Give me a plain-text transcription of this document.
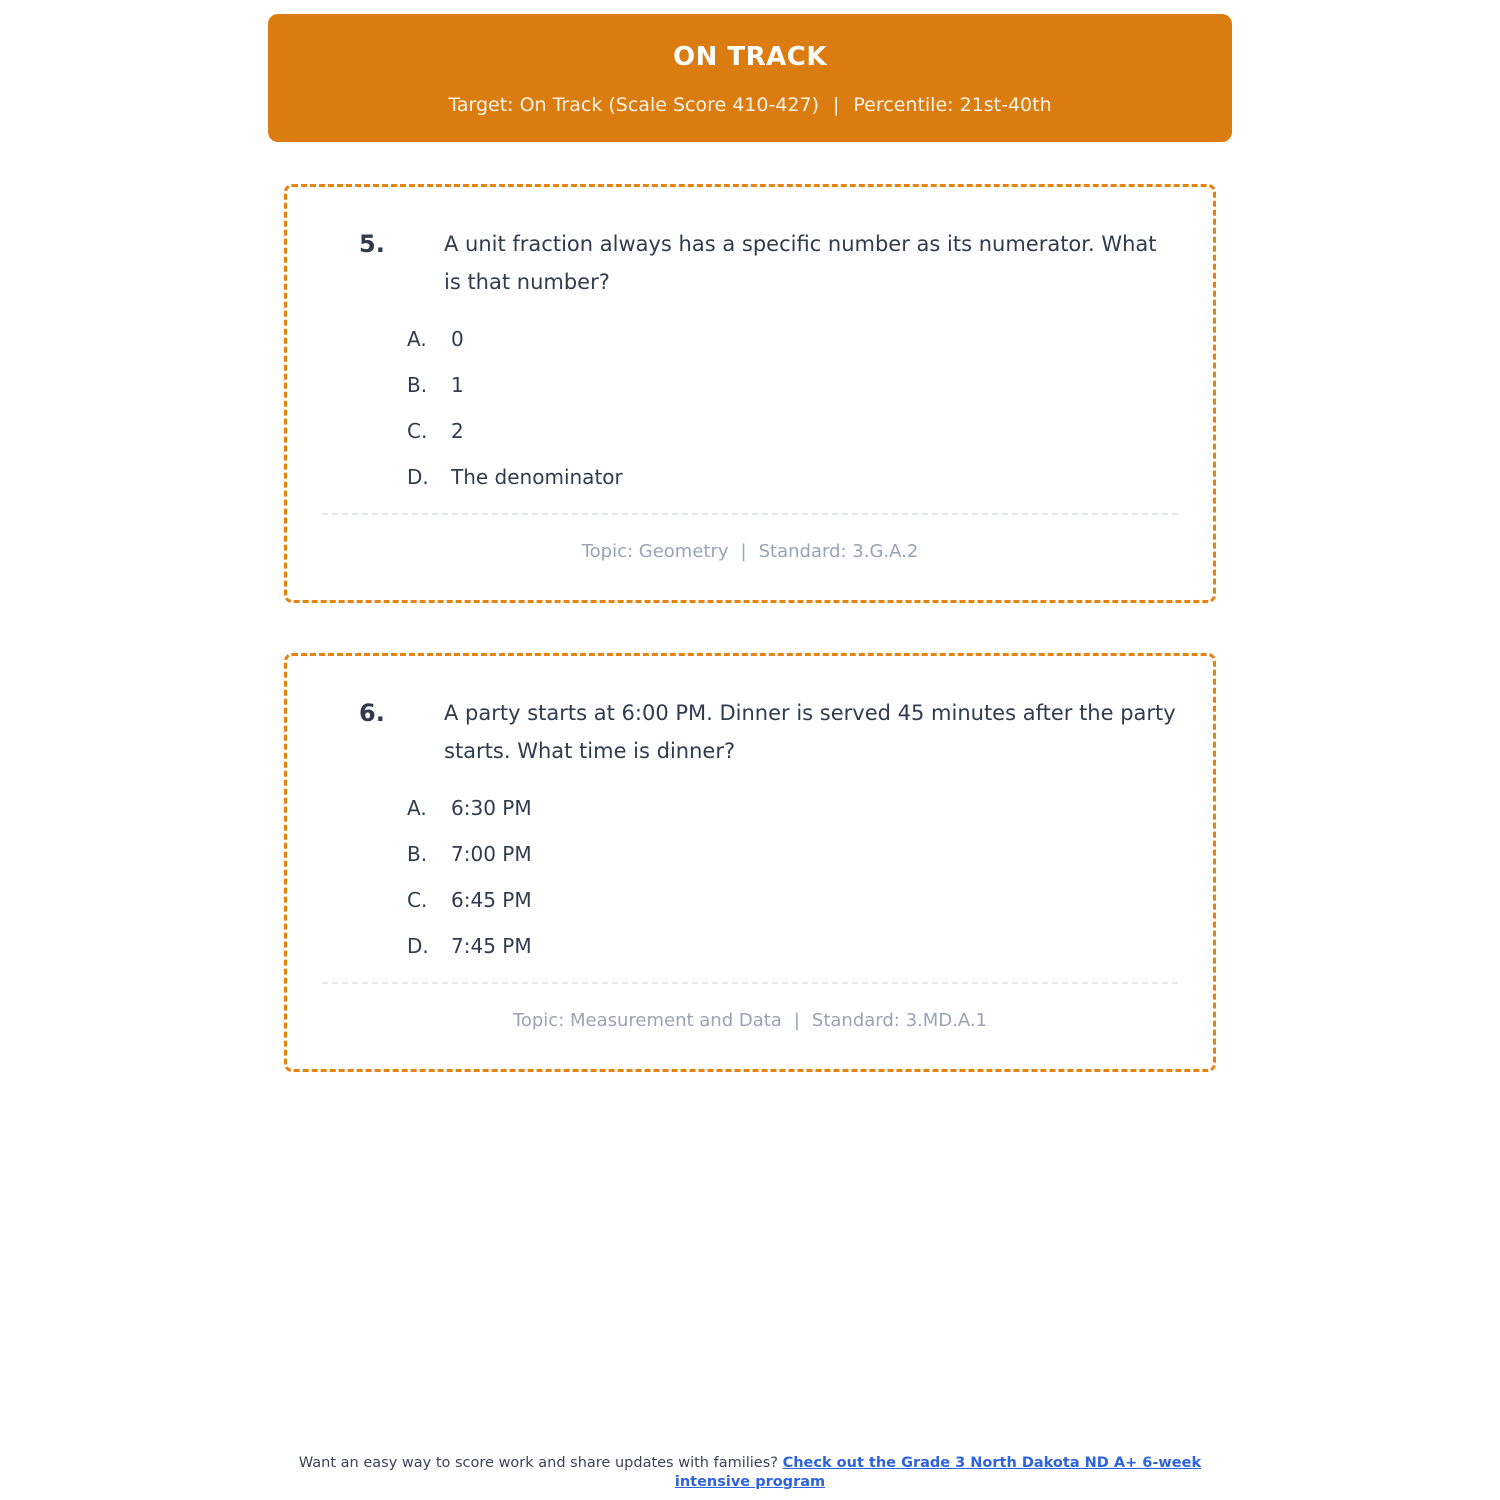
ON TRACK
Target: On Track (Scale Score 410-427) | Percentile: 21st-40th
5.	A unit fraction always has a specific number as its numerator. What is that number?
A.	0
B.	1
C.	2
D.	The denominator
Topic: Geometry | Standard: 3.G.A.2
6.	A party starts at 6:00 PM. Dinner is served 45 minutes after the party starts. What time is dinner?
A.	6:30 PM
B.	7:00 PM
C.	6:45 PM
D.	7:45 PM
Topic: Measurement and Data | Standard: 3.MD.A.1
Want an easy way to score work and share updates with families? Check out the Grade 3 North Dakota ND A+ 6-week intensive program
